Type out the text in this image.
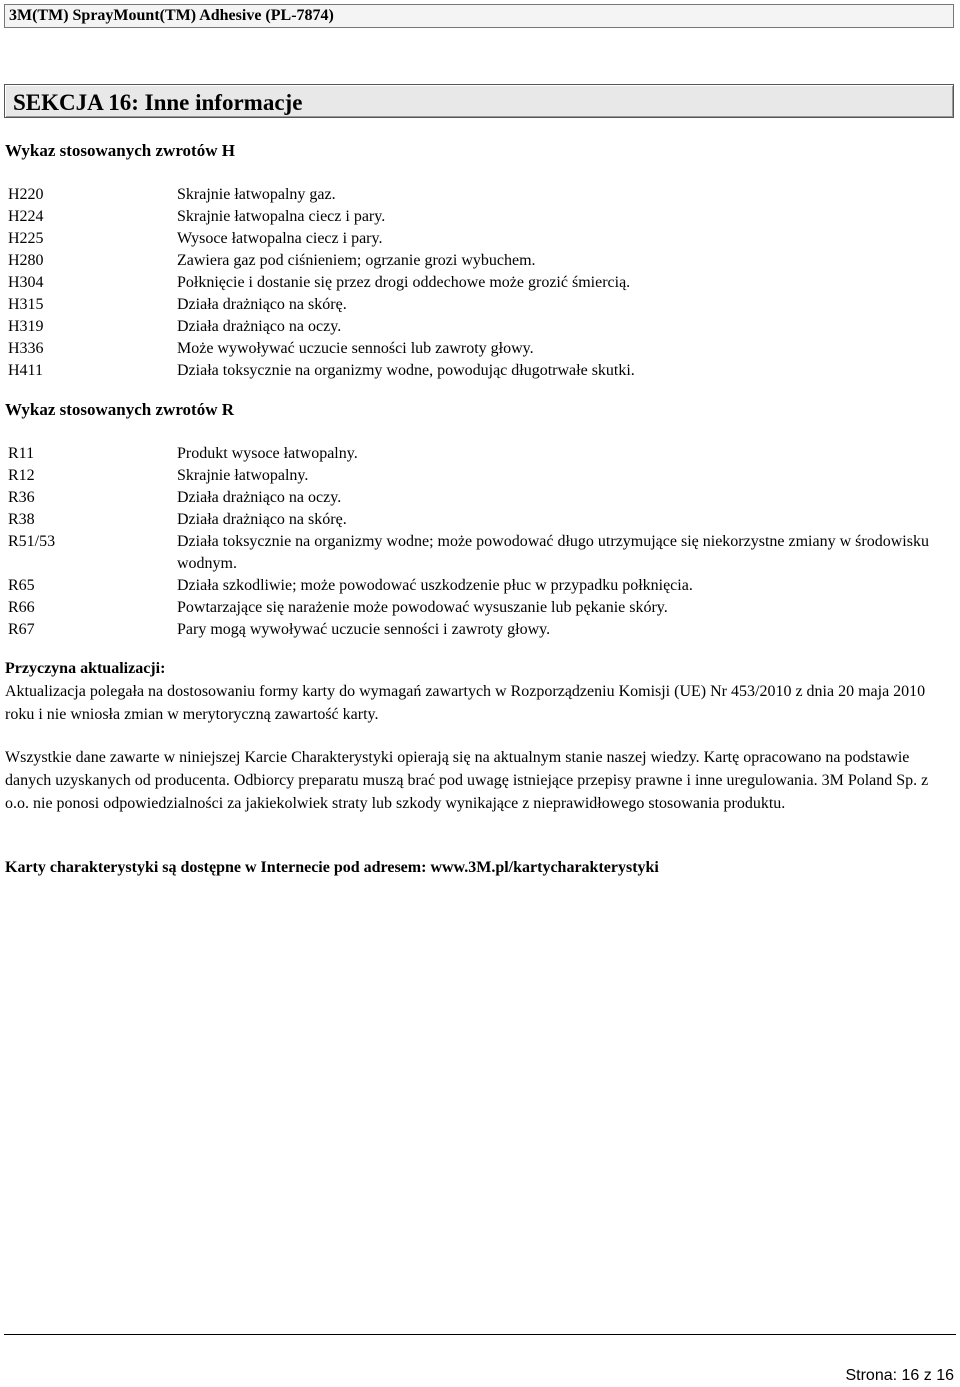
3M(TM) SprayMount(TM) Adhesive (PL-7874)
SEKCJA 16: Inne informacje
Wykaz stosowanych zwrotów H
H220	Skrajnie łatwopalny gaz.
H224	Skrajnie łatwopalna ciecz i pary.
H225	Wysoce łatwopalna ciecz i pary.
H280	Zawiera gaz pod ciśnieniem; ogrzanie grozi wybuchem.
H304	Połknięcie i dostanie się przez drogi oddechowe może grozić śmiercią.
H315	Działa drażniąco na skórę.
H319	Działa drażniąco na oczy.
H336	Może wywoływać uczucie senności lub zawroty głowy.
H411	Działa toksycznie na organizmy wodne, powodując długotrwałe skutki.
Wykaz stosowanych zwrotów R
R11	Produkt wysoce łatwopalny.
R12	Skrajnie łatwopalny.
R36	Działa drażniąco na oczy.
R38	Działa drażniąco na skórę.
R51/53	Działa toksycznie na organizmy wodne; może powodować długo utrzymujące się niekorzystne zmiany w środowisku wodnym.
R65	Działa szkodliwie; może powodować uszkodzenie płuc w przypadku połknięcia.
R66	Powtarzające się narażenie może powodować wysuszanie lub pękanie skóry.
R67	Pary mogą wywoływać uczucie senności i zawroty głowy.
Przyczyna aktualizacji:
Aktualizacja polegała na dostosowaniu formy karty do wymagań zawartych w Rozporządzeniu Komisji (UE) Nr 453/2010 z dnia 20 maja 2010 roku i nie wniosła zmian w merytoryczną zawartość karty.

Wszystkie dane zawarte w niniejszej Karcie Charakterystyki opierają się na aktualnym stanie naszej wiedzy. Kartę opracowano na podstawie danych uzyskanych od producenta. Odbiorcy preparatu muszą brać pod uwagę istniejące przepisy prawne i inne uregulowania. 3M Poland Sp. z o.o. nie ponosi odpowiedzialności za jakiekolwiek straty lub szkody wynikające z nieprawidłowego stosowania produktu.

Karty charakterystyki są dostępne w Internecie pod adresem: www.3M.pl/kartycharakterystyki

Strona: 16 z 16
